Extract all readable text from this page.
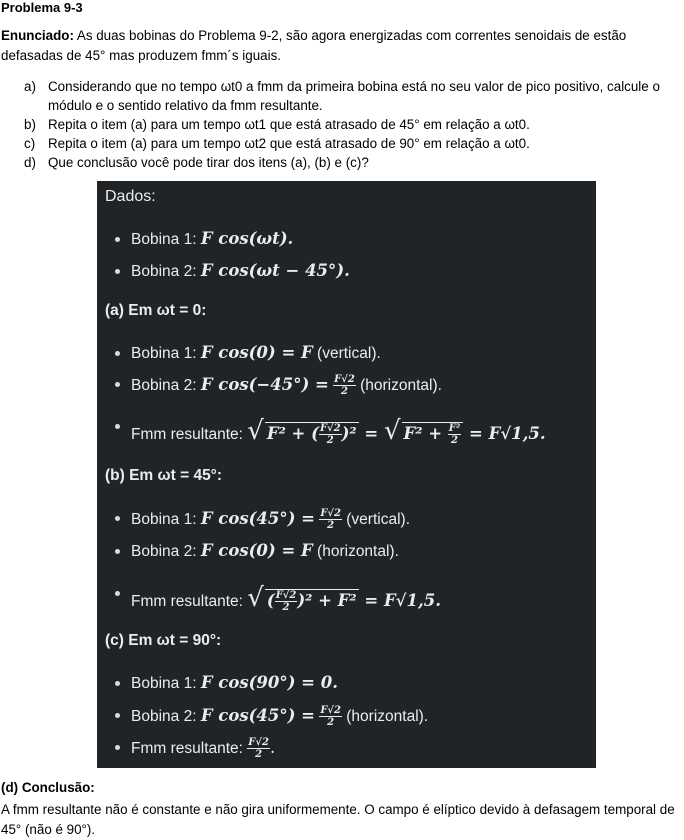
Problema 9-3
Enunciado: As duas bobinas do Problema 9-2, são agora energizadas com correntes senoidais de estão defasadas de 45° mas produzem fmm´s iguais.
a) Considerando que no tempo ωt0 a fmm da primeira bobina está no seu valor de pico positivo, calcule o módulo e o sentido relativo da fmm resultante.
b) Repita o item (a) para um tempo ωt1 que está atrasado de 45° em relação a ωt0.
c) Repita o item (a) para um tempo ωt2 que está atrasado de 90° em relação a ωt0.
d) Que conclusão você pode tirar dos itens (a), (b) e (c)?
Dados:
Bobina 1: F cos(ωt).
Bobina 2: F cos(ωt − 45°).
(a) Em ωt = 0:
Bobina 1: F cos(0) = F (vertical).
Bobina 2: F $\cos(-45^\circ) = \frac{F√2}{2}$ (horizontal).
Fmm resultante: √ F² + ( $\frac{F√2}{2} )^2$ = √ $F^2 + \frac{\text{F²}}{2} = F√1,5$.
(b) Em ωt = 45°:
Bobina 1: F $\cos(45^\circ) = \frac{F√2}{2}$ (vertical).
Bobina 2: F cos(0) = F (horizontal).
Fmm resultante: √ ( $\frac{F√2}{2} )^2 + F^2 = F√1,5$.
(c) Em ωt = 90°:
Bobina 1: F cos(90°) = 0.
Bobina 2: F $\cos(45^\circ) = \frac{F√2}{2}$ (horizontal).
Fmm resultante: $\frac{F√2}{2}$ .
(d) Conclusão:
A fmm resultante não é constante e não gira uniformemente. O campo é elíptico devido à defasagem temporal de 45° (não é 90°).
